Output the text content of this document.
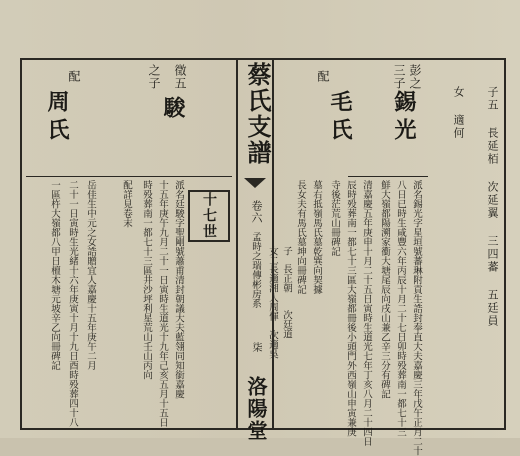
子五 長延栢 次延翼 三四蕃 五廷員
女 適何
彭之
三子
錫光
派名錫光字星垣號蕃琳附貢生誥封奉直大夫嘉慶三年戊午正月二十
八日已時生咸豐六年丙辰十月二十七日卯時殁葬南一都七十三
鮮大嶺都陽溯家衝大塘尾辰向戌山兼乙辛三分有碑記
配
毛氏
清嘉慶五年庚申十月二十五日寅時生道光七年丁亥八月二十四日
辰時殁葬南一都七十三區大嶺都冊後小頭門外西嶺山申寅兼庚
寺後茫荒山冊碑記
墓右抵嶺馬氏墓乾巽向契據
長女夫有馬氏墓坤向冊碑記
子
長正朝
次廷道
蔡氏支譜
卷六
孟時之瑞傳彬房系
柒
洛陽堂
十七世
之子 徵五
駿
派名廷駿字聖剛號蕭甫清封朝議大夫藍翎同知銜嘉慶
十五年庚午九月二十一日寅時生道光十九年己亥五月十五日
時殁葬南一都七十三區井沙坪利星荒山壬山丙向
配詳見卷末
配
周氏
岳佳生中元之女誥贈宜人嘉慶十五年庚午二月
二十一日寅時生光緒十六年庚寅十月十九日酉時殁葬四十八
一區杵大嶺都八甲日檀木塘元坡辛乙向冊碑記
